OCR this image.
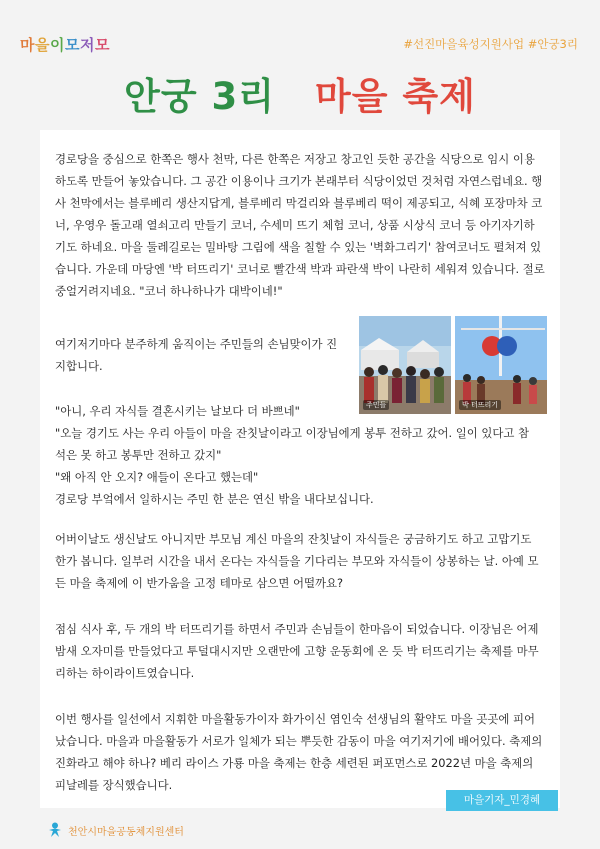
마을이모저모	#선진마을육성지원사업 #안궁3리
안궁 3리 마을 축제
경로당을 중심으로 한쪽은 행사 천막, 다른 한쪽은 저장고 창고인 듯한 공간을 식당으로 임시 이용하도록 만들어 놓았습니다. 그 공간 이용이나 크기가 본래부터 식당이었던 것처럼 자연스럽네요. 행사 천막에서는 블루베리 생산지답게, 블루베리 막걸리와 블루베리 떡이 제공되고, 식혜 포장마차 코너, 우영우 돌고래 열쇠고리 만들기 코너, 수세미 뜨기 체험 코너, 상품 시상식 코너 등 아기자기하기도 하네요. 마을 둘레길로는 밀바탕 그림에 색을 칠할 수 있는 '벽화그리기' 참여코너도 펼쳐져 있습니다. 가운데 마당엔 '박 터뜨리기' 코너로 빨간색 박과 파란색 박이 나란히 세워져 있습니다. 절로 중얼거려지네요. "코너 하나하나가 대박이네!"
여기저기마다 분주하게 움직이는 주민들의 손님맞이가 진지합니다.
주민들	박 터뜨리기
"아니, 우리 자식들 결혼시키는 날보다 더 바쁘네"
"오늘 경기도 사는 우리 아들이 마을 잔칫날이라고 이장님에게 봉투 전하고 갔어. 일이 있다고 참
석은 못 하고 봉투만 전하고 갔지"
"왜 아직 안 오지? 애들이 온다고 했는데"
경로당 부엌에서 일하시는 주민 한 분은 연신 밖을 내다보십니다.
어버이날도 생신날도 아니지만 부모님 계신 마을의 잔칫날이 자식들은 궁금하기도 하고 고맙기도 한가 봅니다. 일부러 시간을 내서 온다는 자식들을 기다리는 부모와 자식들이 상봉하는 날. 아예 모든 마을 축제에 이 반가움을 고정 테마로 삼으면 어떨까요?
점심 식사 후, 두 개의 박 터뜨리기를 하면서 주민과 손님들이 한마음이 되었습니다. 이장님은 어제 밤새 오자미를 만들었다고 투덜대시지만 오랜만에 고향 운동회에 온 듯 박 터뜨리기는 축제를 마무리하는 하이라이트였습니다.
이번 행사를 일선에서 지휘한 마을활동가이자 화가이신 염인숙 선생님의 활약도 마을 곳곳에 피어났습니다. 마을과 마을활동가 서로가 일체가 되는 뿌듯한 감동이 마을 여기저기에 배어있다. 축제의 진화라고 해야 하나? 베리 라이스 가룡 마을 축제는 한층 세련된 퍼포먼스로 2022년 마을 축제의 피날레를 장식했습니다.
마을기자_민경혜
천안시마을공동체지원센터
